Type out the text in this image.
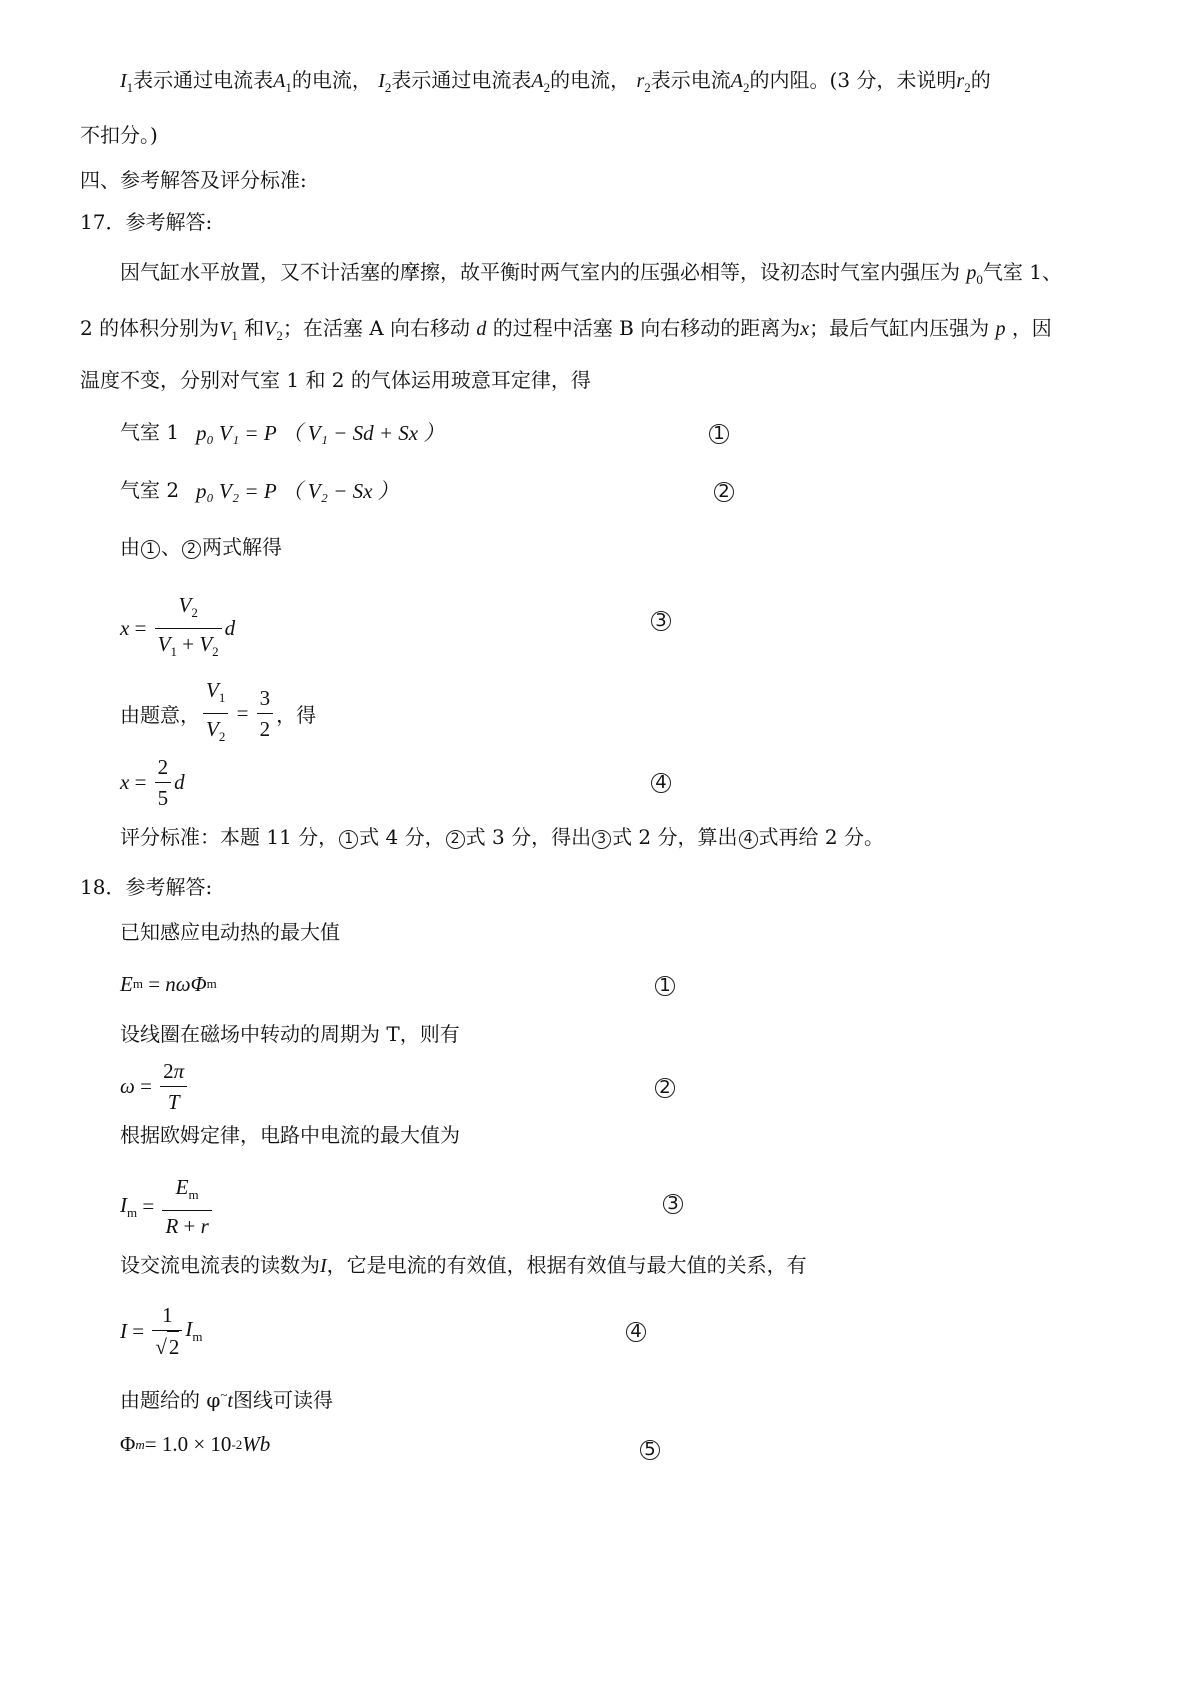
$I_1$表示通过电流表$A_1$的电流， $I_2$表示通过电流表$A_2$的电流， $r_2$表示电流$A_2$的内阻。(3 分，未说明$r_2$的
不扣分。)
四、参考解答及评分标准:
17．参考解答:
因气缸水平放置，又不计活塞的摩擦，故平衡时两气室内的压强必相等，设初态时气室内强压为 $p_0$气室 1、
2 的体积分别为$V_1$ 和$V_2$；在活塞 A 向右移动 d 的过程中活塞 B 向右移动的距离为x；最后气缸内压强为 p ，因
温度不变，分别对气室 1 和 2 的气体运用玻意耳定律，得
气室 1 p₀ V₁ = P （ V₁ − Sd + Sx ）	1
气室 2 p₀ V₂ = P （ V₂ − Sx ）	2
由 1 、 2 两式解得
$x = \frac{V_2}{V_1 + V_2}$ d	3
由题意， $\frac{V_1}{V_2} = \frac{3}{2}$ ，得
$x = \frac{2}{5}$ d	4
评分标准：本题 11 分， 1 式 4 分， 2 式 3 分，得出 3 式 2 分，算出 4 式再给 2 分。
18．参考解答:
已知感应电动热的最大值
E m = nωΦ m	1
设线圈在磁场中转动的周期为 T，则有
$\omega = \frac{2\pi}{T}$	2
根据欧姆定律，电路中电流的最大值为
$I_m = \frac{E_m}{R + r}$	3
设交流电流表的读数为I，它是电流的有效值，根据有效值与最大值的关系，有
$I = \frac{1}{√2} I_m$	4
由题给的 φ~t图线可读得
Φ m = 1.0 × 10 -2 Wb	5
